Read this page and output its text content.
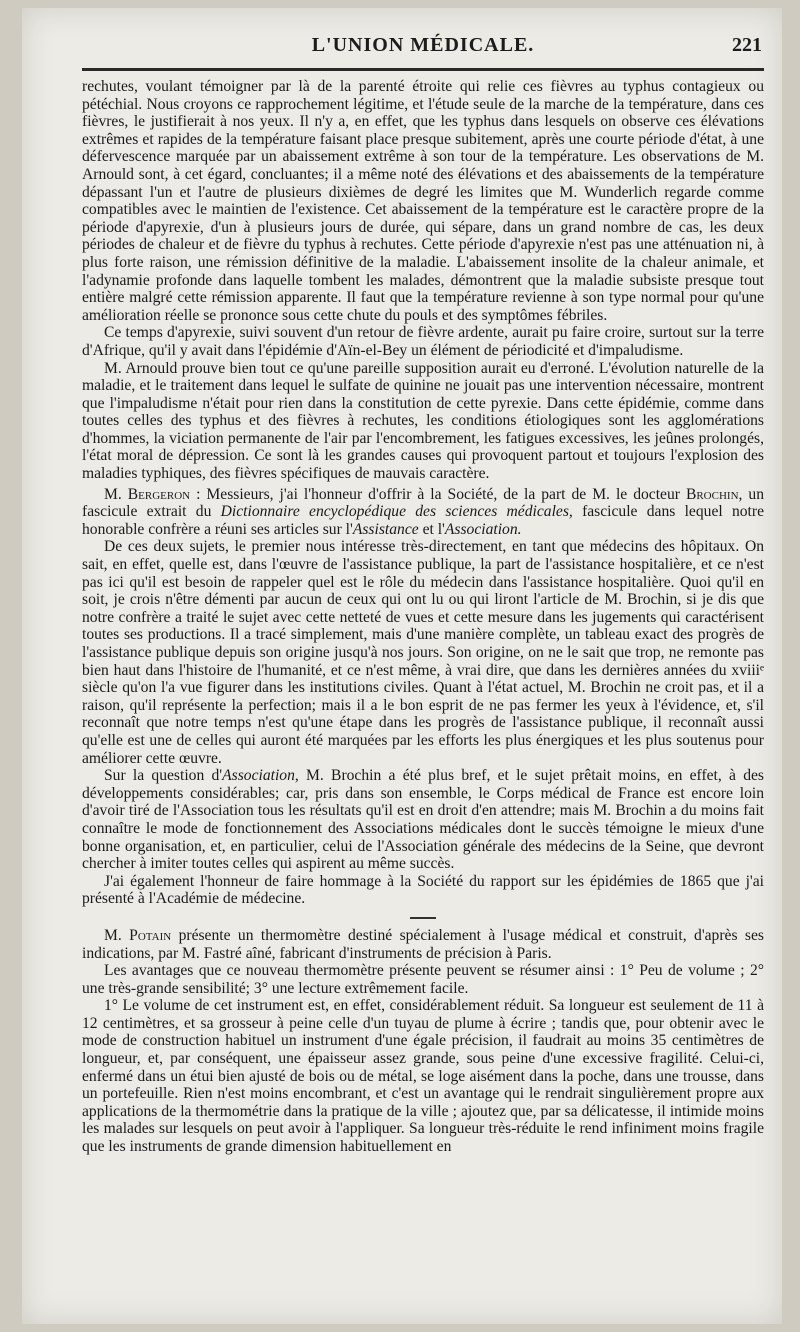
L'UNION MÉDICALE.	221

rechutes, voulant témoigner par là de la parenté étroite qui relie ces fièvres au typhus contagieux ou pétéchial. Nous croyons ce rapprochement légitime, et l'étude seule de la marche de la température, dans ces fièvres, le justifierait à nos yeux. Il n'y a, en effet, que les typhus dans lesquels on observe ces élévations extrêmes et rapides de la température faisant place presque subitement, après une courte période d'état, à une défervescence marquée par un abaissement extrême à son tour de la température. Les observations de M. Arnould sont, à cet égard, concluantes; il a même noté des élévations et des abaissements de la température dépassant l'un et l'autre de plusieurs dixièmes de degré les limites que M. Wunderlich regarde comme compatibles avec le maintien de l'existence. Cet abaissement de la température est le caractère propre de la période d'apyrexie, d'un à plusieurs jours de durée, qui sépare, dans un grand nombre de cas, les deux périodes de chaleur et de fièvre du typhus à rechutes. Cette période d'apyrexie n'est pas une atténuation ni, à plus forte raison, une rémission définitive de la maladie. L'abaissement insolite de la chaleur animale, et l'adynamie profonde dans laquelle tombent les malades, démontrent que la maladie subsiste presque tout entière malgré cette rémission apparente. Il faut que la température revienne à son type normal pour qu'une amélioration réelle se prononce sous cette chute du pouls et des symptômes fébriles.

Ce temps d'apyrexie, suivi souvent d'un retour de fièvre ardente, aurait pu faire croire, surtout sur la terre d'Afrique, qu'il y avait dans l'épidémie d'Aïn-el-Bey un élément de périodicité et d'impaludisme.

M. Arnould prouve bien tout ce qu'une pareille supposition aurait eu d'erroné. L'évolution naturelle de la maladie, et le traitement dans lequel le sulfate de quinine ne jouait pas une intervention nécessaire, montrent que l'impaludisme n'était pour rien dans la constitution de cette pyrexie. Dans cette épidémie, comme dans toutes celles des typhus et des fièvres à rechutes, les conditions étiologiques sont les agglomérations d'hommes, la viciation permanente de l'air par l'encombrement, les fatigues excessives, les jeûnes prolongés, l'état moral de dépression. Ce sont là les grandes causes qui provoquent partout et toujours l'explosion des maladies typhiques, des fièvres spécifiques de mauvais caractère.

M. Bergeron : Messieurs, j'ai l'honneur d'offrir à la Société, de la part de M. le docteur Brochin, un fascicule extrait du Dictionnaire encyclopédique des sciences médicales, fascicule dans lequel notre honorable confrère a réuni ses articles sur l'Assistance et l'Association.

De ces deux sujets, le premier nous intéresse très-directement, en tant que médecins des hôpitaux. On sait, en effet, quelle est, dans l'œuvre de l'assistance publique, la part de l'assistance hospitalière, et ce n'est pas ici qu'il est besoin de rappeler quel est le rôle du médecin dans l'assistance hospitalière. Quoi qu'il en soit, je crois n'être démenti par aucun de ceux qui ont lu ou qui liront l'article de M. Brochin, si je dis que notre confrère a traité le sujet avec cette netteté de vues et cette mesure dans les jugements qui caractérisent toutes ses productions. Il a tracé simplement, mais d'une manière complète, un tableau exact des progrès de l'assistance publique depuis son origine jusqu'à nos jours. Son origine, on ne le sait que trop, ne remonte pas bien haut dans l'histoire de l'humanité, et ce n'est même, à vrai dire, que dans les dernières années du xviiiᵉ siècle qu'on l'a vue figurer dans les institutions civiles. Quant à l'état actuel, M. Brochin ne croit pas, et il a raison, qu'il représente la perfection; mais il a le bon esprit de ne pas fermer les yeux à l'évidence, et, s'il reconnaît que notre temps n'est qu'une étape dans les progrès de l'assistance publique, il reconnaît aussi qu'elle est une de celles qui auront été marquées par les efforts les plus énergiques et les plus soutenus pour améliorer cette œuvre.

Sur la question d'Association, M. Brochin a été plus bref, et le sujet prêtait moins, en effet, à des développements considérables; car, pris dans son ensemble, le Corps médical de France est encore loin d'avoir tiré de l'Association tous les résultats qu'il est en droit d'en attendre; mais M. Brochin a du moins fait connaître le mode de fonctionnement des Associations médicales dont le succès témoigne le mieux d'une bonne organisation, et, en particulier, celui de l'Association générale des médecins de la Seine, que devront chercher à imiter toutes celles qui aspirent au même succès.

J'ai également l'honneur de faire hommage à la Société du rapport sur les épidémies de 1865 que j'ai présenté à l'Académie de médecine.

M. Potain présente un thermomètre destiné spécialement à l'usage médical et construit, d'après ses indications, par M. Fastré aîné, fabricant d'instruments de précision à Paris.

Les avantages que ce nouveau thermomètre présente peuvent se résumer ainsi : 1° Peu de volume ; 2° une très-grande sensibilité; 3° une lecture extrêmement facile.

1° Le volume de cet instrument est, en effet, considérablement réduit. Sa longueur est seulement de 11 à 12 centimètres, et sa grosseur à peine celle d'un tuyau de plume à écrire ; tandis que, pour obtenir avec le mode de construction habituel un instrument d'une égale précision, il faudrait au moins 35 centimètres de longueur, et, par conséquent, une épaisseur assez grande, sous peine d'une excessive fragilité. Celui-ci, enfermé dans un étui bien ajusté de bois ou de métal, se loge aisément dans la poche, dans une trousse, dans un portefeuille. Rien n'est moins encombrant, et c'est un avantage qui le rendrait singulièrement propre aux applications de la thermométrie dans la pratique de la ville ; ajoutez que, par sa délicatesse, il intimide moins les malades sur lesquels on peut avoir à l'appliquer. Sa longueur très-réduite le rend infiniment moins fragile que les instruments de grande dimension habituellement en
